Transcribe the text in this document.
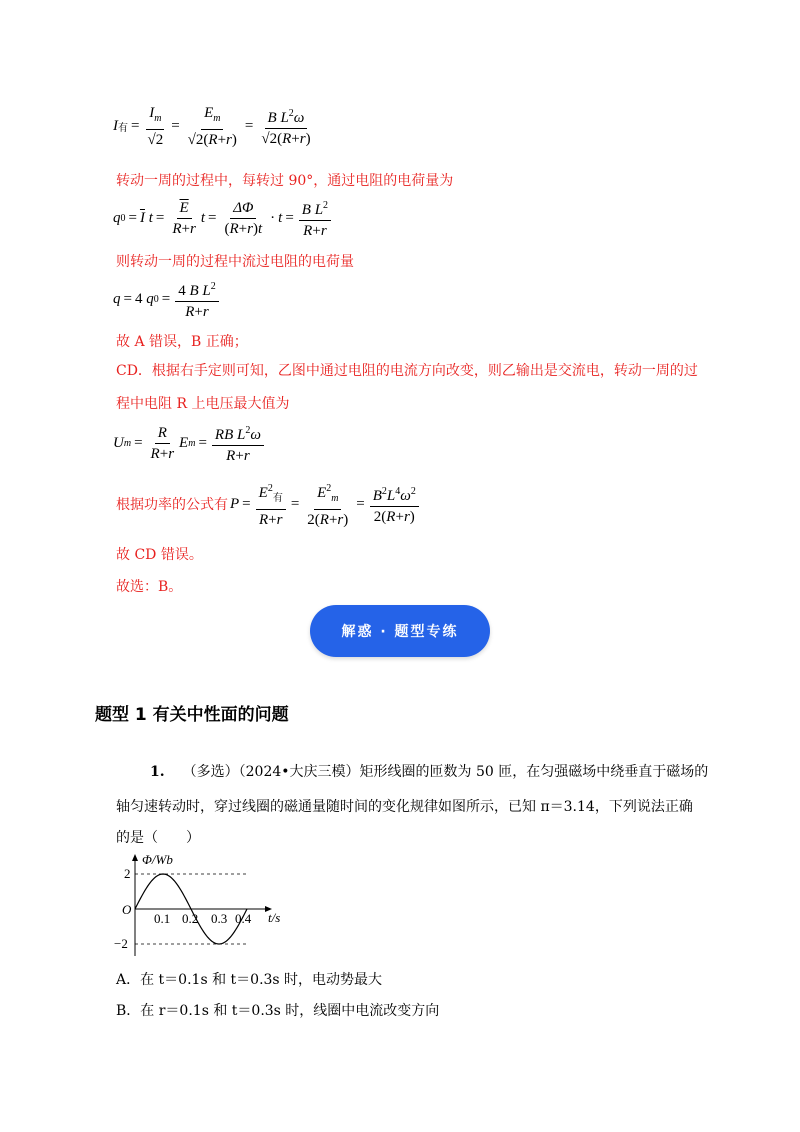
I 有 = $\frac{I_m}{√2} = \frac{E_m}{√2(R+r)} = \frac{B L^2\omega}{√2(R+r)}$
转动一周的过程中，每转过 90°，通过电阻的电荷量为
q $0 = \overline{I}$
$t = \frac{\overline{E}}{R+r}$ $t = \frac{\Delta\Phi}{(R+r)t} \cdot t = \frac{B L^2}{R+r}$
则转动一周的过程中流过电阻的电荷量
q = 4
q $0 = \frac{4 B L^2}{R+r}$
故 A 错误，B 正确；
CD．根据右手定则可知，乙图中通过电阻的电流方向改变，则乙输出是交流电，转动一周的过
程中电阻 R 上电压最大值为
U $m = \frac{R}{R+r}$ E $m = \frac{RB L^2\omega}{R+r}$
根据功率的公式有 $P = \frac{E^2_有}{R+r} = \frac{E^2_m}{2(R+r)} = \frac{B^2L^4\omega^2}{2(R+r)}$
故 CD 错误。
故选：B。
解惑 · 题型专练
题型 1 有关中性面的问题
1. （多选）（2024•大庆三模）矩形线圈的匝数为 50 匝，在匀强磁场中绕垂直于磁场的
轴匀速转动时，穿过线圈的磁通量随时间的变化规律如图所示，已知 π＝3.14，下列说法正确
的是（　　）
Φ/Wb
t/s
O
2
−2
0.1 0.2 0.3 0.4
A．在 t＝0.1s 和 t＝0.3s 时，电动势最大
B．在 r＝0.1s 和 t＝0.3s 时，线圈中电流改变方向
